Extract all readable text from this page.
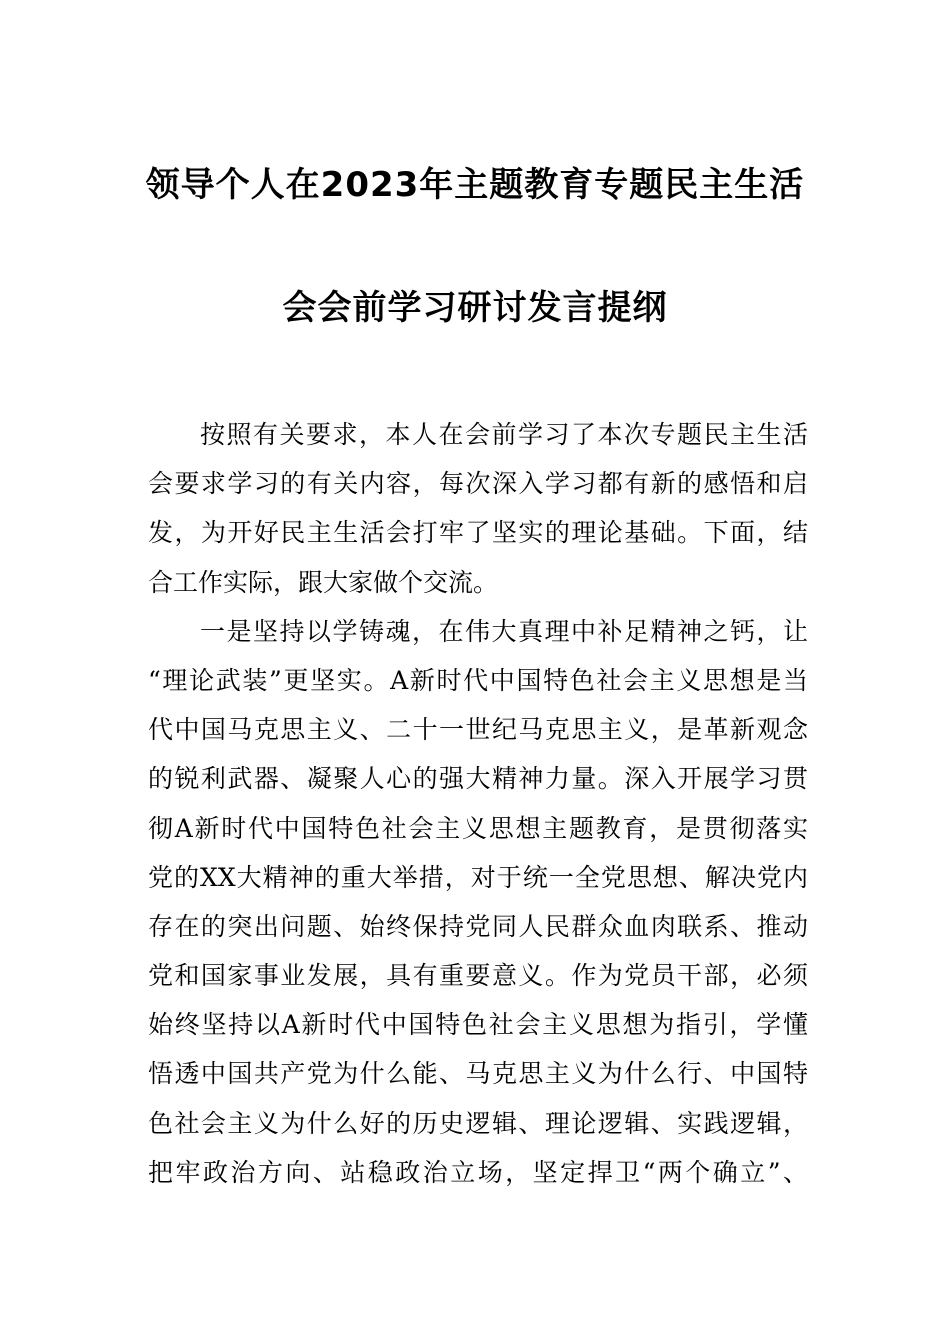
领导个人在2023年主题教育专题民主生活
会会前学习研讨发言提纲
按照有关要求，本人在会前学习了本次专题民主生活
会要求学习的有关内容，每次深入学习都有新的感悟和启
发，为开好民主生活会打牢了坚实的理论基础。下面，结
合工作实际，跟大家做个交流。
一是坚持以学铸魂，在伟大真理中补足精神之钙，让
“理论武装”更坚实。A新时代中国特色社会主义思想是当
代中国马克思主义、二十一世纪马克思主义，是革新观念
的锐利武器、凝聚人心的强大精神力量。深入开展学习贯
彻A新时代中国特色社会主义思想主题教育，是贯彻落实
党的XX大精神的重大举措，对于统一全党思想、解决党内
存在的突出问题、始终保持党同人民群众血肉联系、推动
党和国家事业发展，具有重要意义。作为党员干部，必须
始终坚持以A新时代中国特色社会主义思想为指引，学懂
悟透中国共产党为什么能、马克思主义为什么行、中国特
色社会主义为什么好的历史逻辑、理论逻辑、实践逻辑，
把牢政治方向、站稳政治立场，坚定捍卫“两个确立”、
